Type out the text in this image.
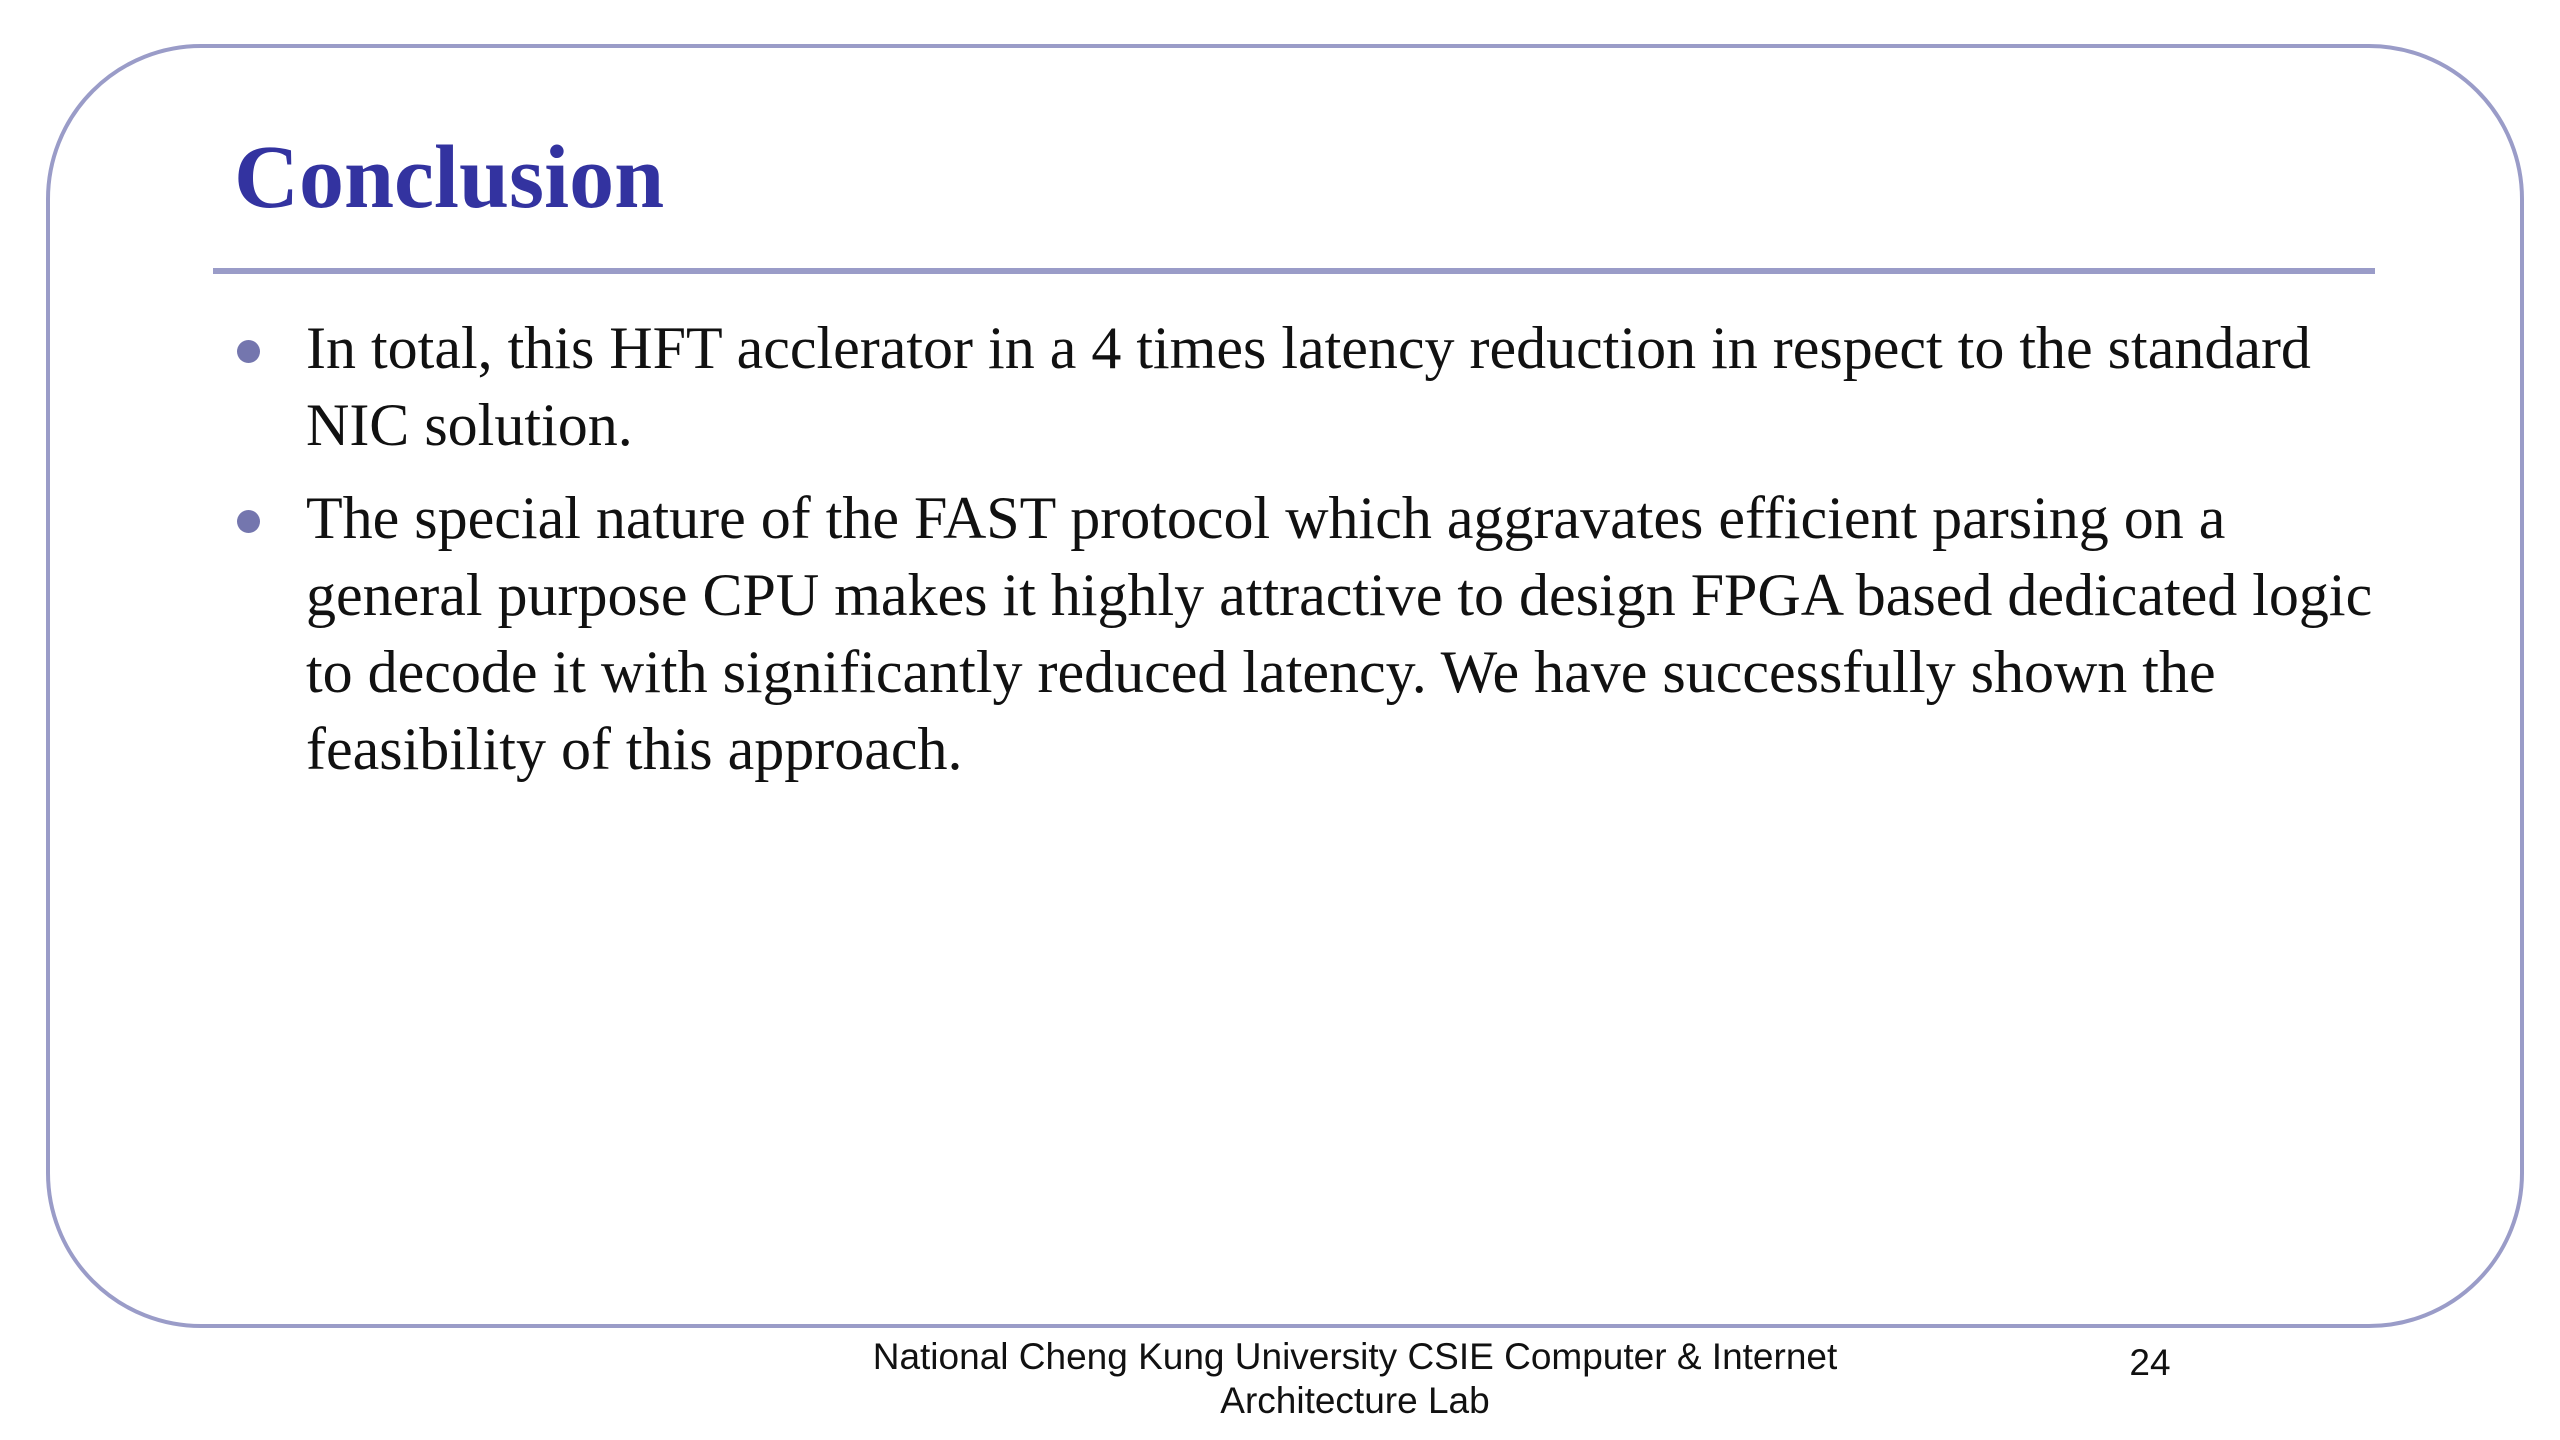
Conclusion
In total, this HFT acclerator in a 4 times latency reduction in respect to the standard NIC solution.
The special nature of the FAST protocol which aggravates efficient parsing on a general purpose CPU makes it highly attractive to design FPGA based dedicated logic to decode it with significantly reduced latency. We have successfully shown the feasibility of this approach.
National Cheng Kung University CSIE Computer & Internet Architecture Lab
24
